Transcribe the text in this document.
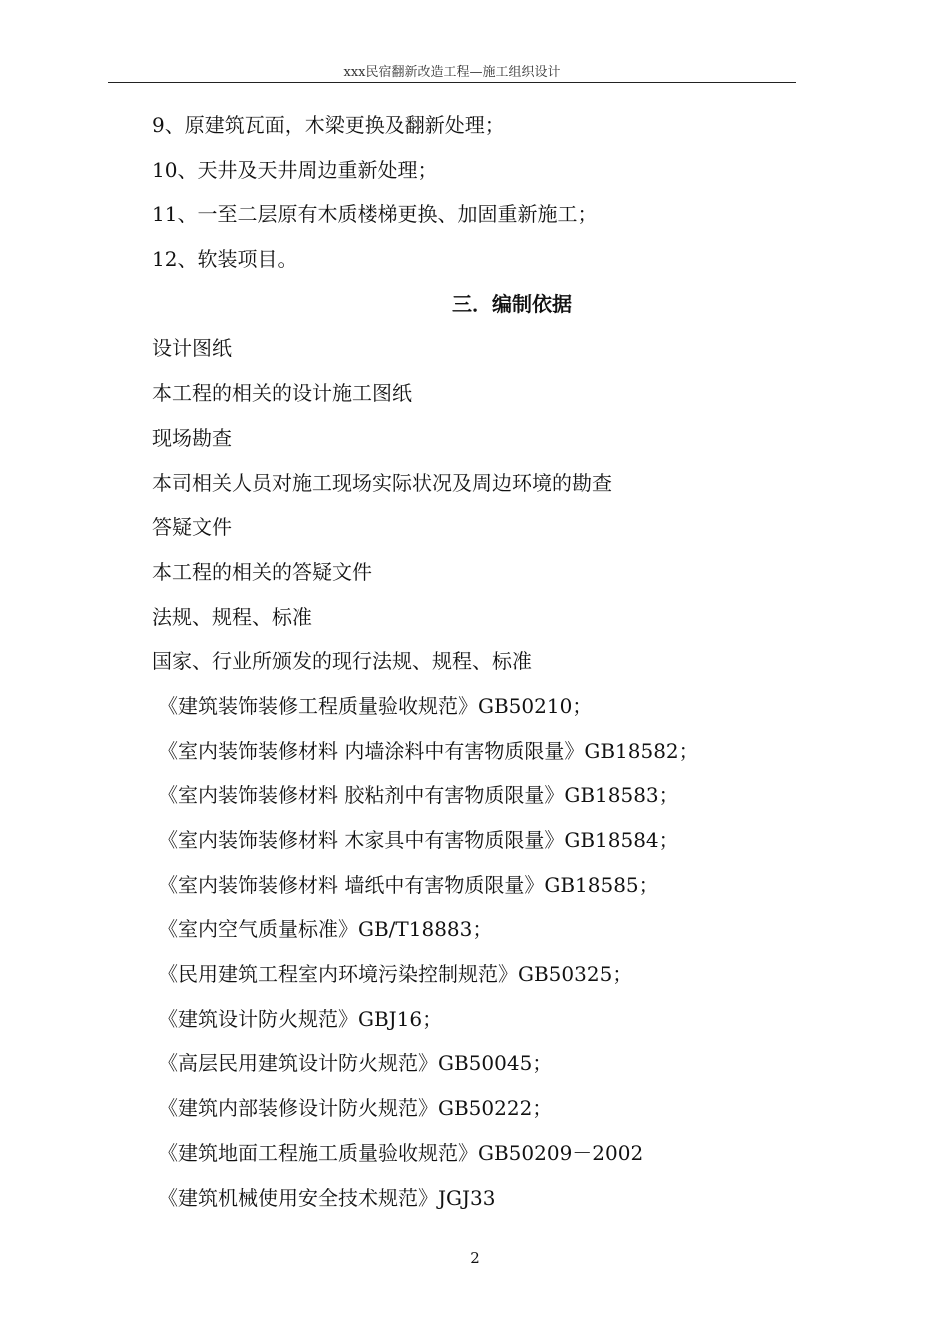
xxx民宿翻新改造工程—施工组织设计
9、原建筑瓦面，木梁更换及翻新处理；
10、天井及天井周边重新处理；
11、一至二层原有木质楼梯更换、加固重新施工；
12、软装项目。
三．编制依据
设计图纸
本工程的相关的设计施工图纸
现场勘查
本司相关人员对施工现场实际状况及周边环境的勘查
答疑文件
本工程的相关的答疑文件
法规、规程、标准
国家、行业所颁发的现行法规、规程、标准
《建筑装饰装修工程质量验收规范》GB50210；
《室内装饰装修材料 内墙涂料中有害物质限量》GB18582；
《室内装饰装修材料 胶粘剂中有害物质限量》GB18583；
《室内装饰装修材料 木家具中有害物质限量》GB18584；
《室内装饰装修材料 墙纸中有害物质限量》GB18585；
《室内空气质量标准》GB/T18883；
《民用建筑工程室内环境污染控制规范》GB50325；
《建筑设计防火规范》GBJ16；
《高层民用建筑设计防火规范》GB50045；
《建筑内部装修设计防火规范》GB50222；
《建筑地面工程施工质量验收规范》GB50209－2002
《建筑机械使用安全技术规范》JGJ33
2
